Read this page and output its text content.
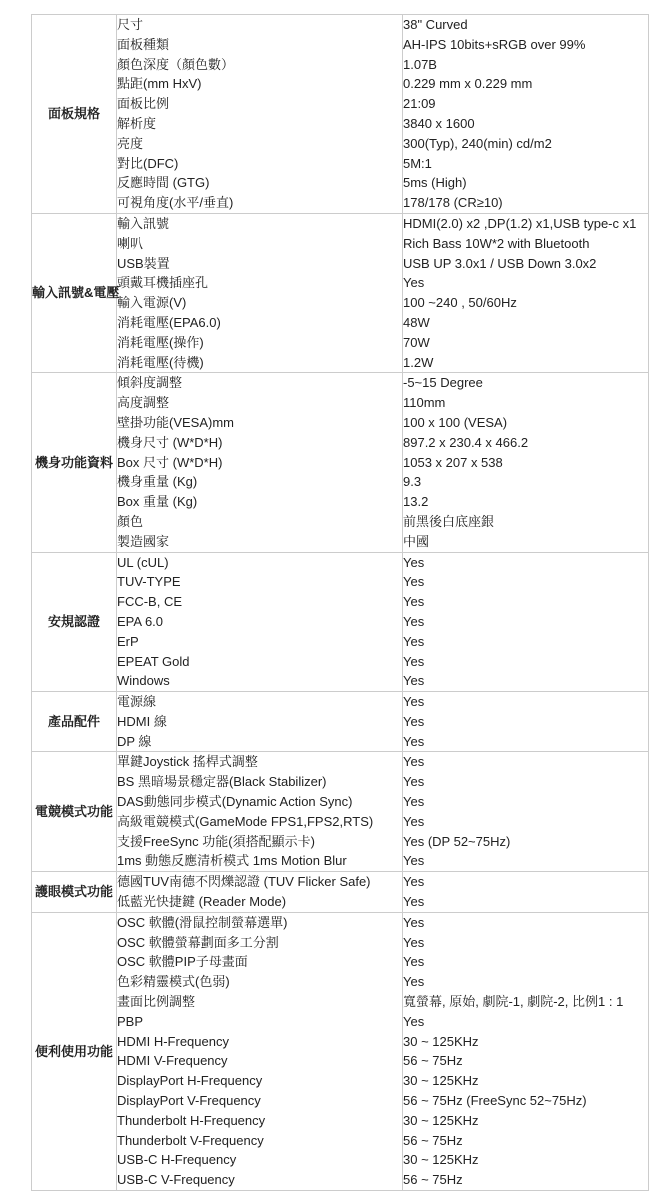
面板規格	尺寸	38" Curved
	面板種類	AH-IPS 10bits+sRGB over 99%
	顏色深度（顏色數）	1.07B
	點距(mm HxV)	0.229 mm x 0.229 mm
	面板比例	21:09
	解析度	3840 x 1600
	亮度	300(Typ), 240(min) cd/m2
	對比(DFC)	5M:1
	反應時間 (GTG)	5ms (High)
	可視角度(水平/垂直)	178/178 (CR≥10)
輸入訊號&電壓	輸入訊號	HDMI(2.0) x2 ,DP(1.2) x1,USB type-c x1
	喇叭	Rich Bass 10W*2 with Bluetooth
	USB裝置	USB UP 3.0x1 / USB Down 3.0x2
	頭戴耳機插座孔	Yes
	輸入電源(V)	100 ~240 , 50/60Hz
	消耗電壓(EPA6.0)	48W
	消耗電壓(操作)	70W
	消耗電壓(待機)	1.2W
機身功能資料	傾斜度調整	-5~15 Degree
	高度調整	110mm
	壁掛功能(VESA)mm	100 x 100 (VESA)
	機身尺寸 (W*D*H)	897.2 x 230.4 x 466.2
	Box 尺寸 (W*D*H)	1053 x 207 x 538
	機身重量 (Kg)	9.3
	Box 重量 (Kg)	13.2
	顏色	前黑後白底座銀
	製造國家	中國
安規認證	UL (cUL)	Yes
	TUV-TYPE	Yes
	FCC-B, CE	Yes
	EPA 6.0	Yes
	ErP	Yes
	EPEAT Gold	Yes
	Windows	Yes
產品配件	電源線	Yes
	HDMI 線	Yes
	DP 線	Yes
電競模式功能	單鍵Joystick 搖桿式調整	Yes
	BS 黑暗場景穩定器(Black Stabilizer)	Yes
	DAS動態同步模式(Dynamic Action Sync)	Yes
	高級電競模式(GameMode FPS1,FPS2,RTS)	Yes
	支援FreeSync 功能(須搭配顯示卡)	Yes (DP 52~75Hz)
	1ms 動態反應清析模式 1ms Motion Blur	Yes
護眼模式功能	德國TUV南德不閃爍認證 (TUV Flicker Safe)	Yes
	低藍光快捷鍵 (Reader Mode)	Yes
便利使用功能	OSC 軟體(滑鼠控制螢幕選單)	Yes
	OSC 軟體螢幕劃面多工分割	Yes
	OSC 軟體PIP子母畫面	Yes
	色彩精靈模式(色弱)	Yes
	畫面比例調整	寬螢幕, 原始, 劇院-1, 劇院-2, 比例1 : 1
	PBP	Yes
	HDMI H-Frequency	30 ~ 125KHz
	HDMI V-Frequency	56 ~ 75Hz
	DisplayPort H-Frequency	30 ~ 125KHz
	DisplayPort V-Frequency	56 ~ 75Hz (FreeSync 52~75Hz)
	Thunderbolt H-Frequency	30 ~ 125KHz
	Thunderbolt V-Frequency	56 ~ 75Hz
	USB-C H-Frequency	30 ~ 125KHz
	USB-C V-Frequency	56 ~ 75Hz
